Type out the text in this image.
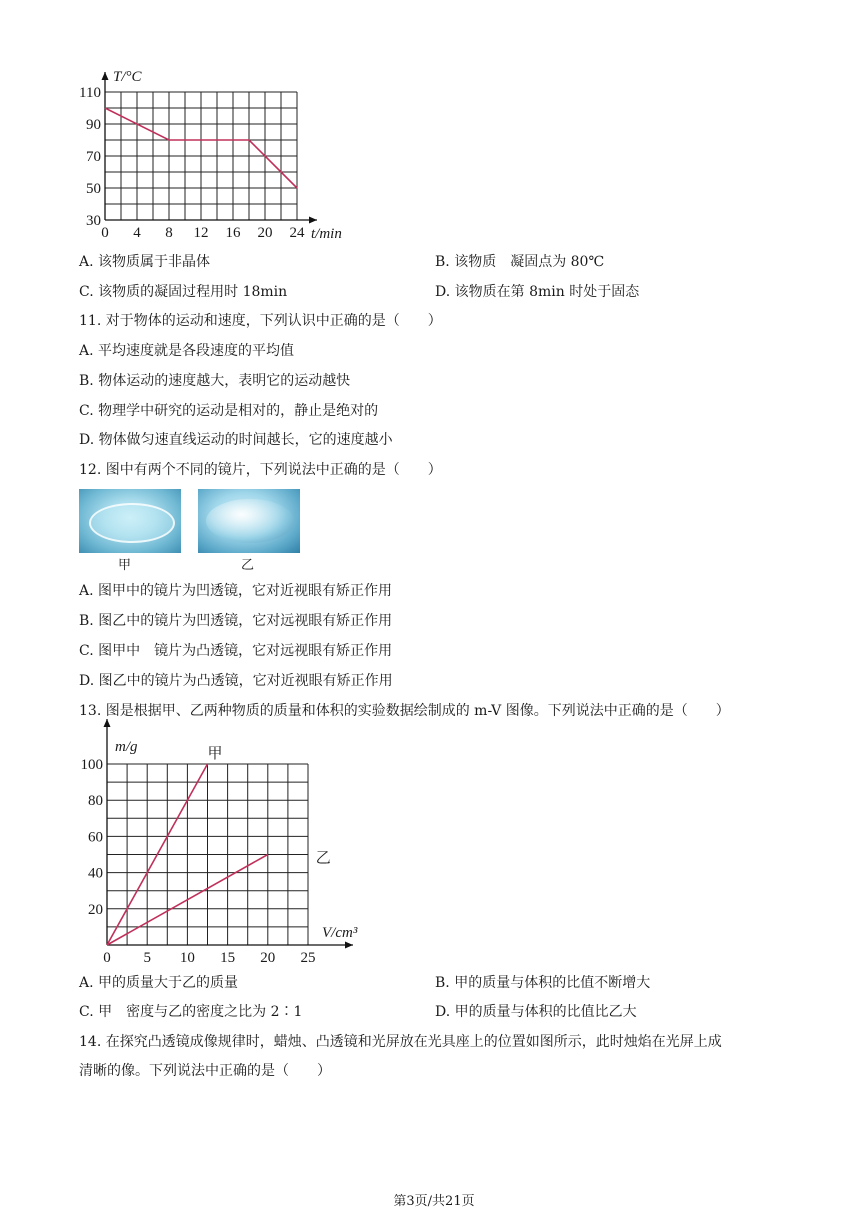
0 4 8 12 16 20 24
30
50
70
90
110
T/°C
t/min
A. 该物质属于非晶体	B. 该物质　凝固点为 80℃
C. 该物质的凝固过程用时 18min	D. 该物质在第 8min 时处于固态
11. 对于物体的运动和速度，下列认识中正确的是（　　）
A. 平均速度就是各段速度的平均值
B. 物体运动的速度越大，表明它的运动越快
C. 物理学中研究的运动是相对的，静止是绝对的
D. 物体做匀速直线运动的时间越长，它的速度越小
12. 图中有两个不同的镜片，下列说法中正确的是（　　）
甲	乙
A. 图甲中的镜片为凹透镜，它对近视眼有矫正作用
B. 图乙中的镜片为凹透镜，它对远视眼有矫正作用
C. 图甲中　镜片为凸透镜，它对远视眼有矫正作用
D. 图乙中的镜片为凸透镜，它对近视眼有矫正作用
13. 图是根据甲、乙两种物质的质量和体积的实验数据绘制成的 m-V 图像。下列说法中正确的是（　　）
0 5 10 15 20 25
20
40
60
80
100
甲
乙
m/g
V/cm³
A. 甲的质量大于乙的质量	B. 甲的质量与体积的比值不断增大
C. 甲　密度与乙的密度之比为 2∶1	D. 甲的质量与体积的比值比乙大
14. 在探究凸透镜成像规律时，蜡烛、凸透镜和光屏放在光具座上的位置如图所示，此时烛焰在光屏上成
清晰的像。下列说法中正确的是（　　）
第3页/共21页
